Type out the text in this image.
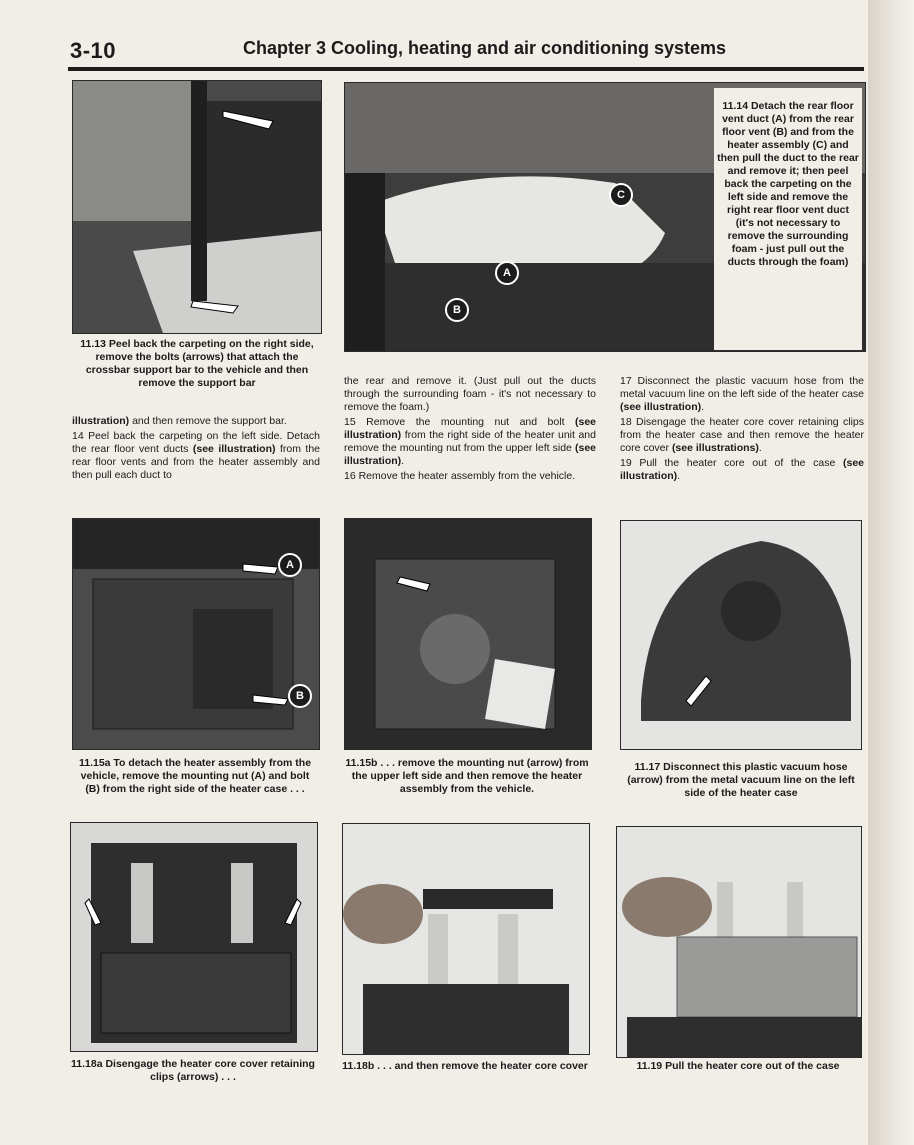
3-10	Chapter 3 Cooling, heating and air conditioning systems
11.13 Peel back the carpeting on the right side, remove the bolts (arrows) that attach the crossbar support bar to the vehicle and then remove the support bar
C
A
B
11.14 Detach the rear floor vent duct (A) from the rear floor vent (B) and from the heater assembly (C) and then pull the duct to the rear and remove it; then peel back the carpeting on the left side and remove the right rear floor vent duct (it's not necessary to remove the surrounding foam - just pull out the ducts through the foam)

illustration) and then remove the support bar.

14 Peel back the carpeting on the left side. Detach the rear floor vent ducts (see illustration) from the rear floor vents and from the heater assembly and then pull each duct to

the rear and remove it. (Just pull out the ducts through the surrounding foam - it's not necessary to remove the foam.)

15 Remove the mounting nut and bolt (see illustration) from the right side of the heater unit and remove the mounting nut from the upper left side (see illustration).

16 Remove the heater assembly from the vehicle.

17 Disconnect the plastic vacuum hose from the metal vacuum line on the left side of the heater case (see illustration).

18 Disengage the heater core cover retaining clips from the heater case and then remove the heater core cover (see illustrations).

19 Pull the heater core out of the case (see illustration).

A
B
11.15a To detach the heater assembly from the vehicle, remove the mounting nut (A) and bolt (B) from the right side of the heater case . . .
11.15b . . . remove the mounting nut (arrow) from the upper left side and then remove the heater assembly from the vehicle.
11.17 Disconnect this plastic vacuum hose (arrow) from the metal vacuum line on the left side of the heater case
11.18a Disengage the heater core cover retaining clips (arrows) . . .
11.18b . . . and then remove the heater core cover	11.19 Pull the heater core out of the case
